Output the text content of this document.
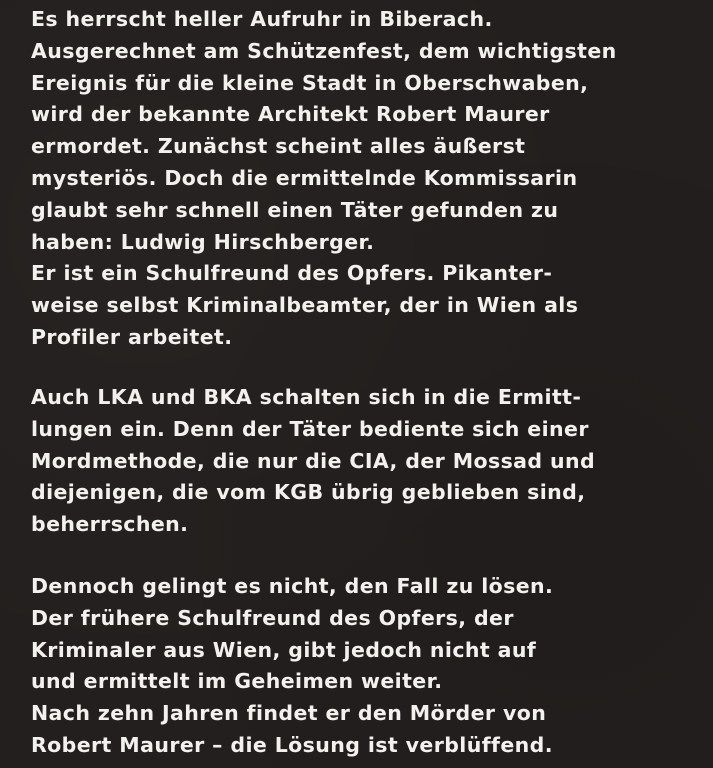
Es herrscht heller Aufruhr in Biberach.
Ausgerechnet am Schützenfest, dem wichtigsten
Ereignis für die kleine Stadt in Oberschwaben,
wird der bekannte Architekt Robert Maurer
ermordet. Zunächst scheint alles äußerst
mysteriös. Doch die ermittelnde Kommissarin
glaubt sehr schnell einen Täter gefunden zu
haben: Ludwig Hirschberger.
Er ist ein Schulfreund des Opfers. Pikanter-
weise selbst Kriminalbeamter, der in Wien als
Profiler arbeitet.
Auch LKA und BKA schalten sich in die Ermitt-
lungen ein. Denn der Täter bediente sich einer
Mordmethode, die nur die CIA, der Mossad und
diejenigen, die vom KGB übrig geblieben sind,
beherrschen.
Dennoch gelingt es nicht, den Fall zu lösen.
Der frühere Schulfreund des Opfers, der
Kriminaler aus Wien, gibt jedoch nicht auf
und ermittelt im Geheimen weiter.
Nach zehn Jahren findet er den Mörder von
Robert Maurer – die Lösung ist verblüffend.
